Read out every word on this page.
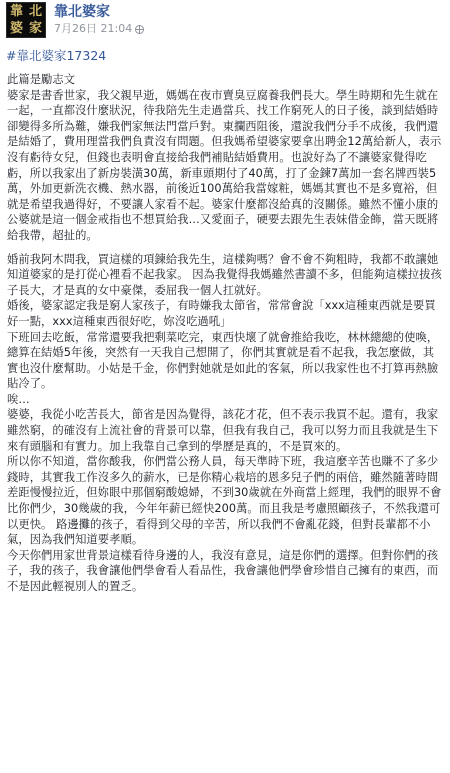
靠 北
婆 家
靠北婆家
7月26日 21:04
#靠北婆家17324

此篇是勵志文

婆家是書香世家，我父親早逝，媽媽在夜市賣臭豆腐養我們長大。學生時期和先生就在一起，一直都沒什麼狀況，待我陪先生走過當兵、找工作窮死人的日子後，談到結婚時卻變得多所為難，嫌我們家無法門當戶對。東攔西阻後，還說我們分手不成後，我們還是結婚了，費用理當我們負責沒有問題。但我媽希望婆家要拿出聘金12萬給新人，表示沒有虧待女兒，但錢也表明會直接給我們補貼結婚費用。也說好為了不讓婆家覺得吃虧，所以我家出了新房裝潢30萬，新車頭期付了40萬，打了金鍊7萬加一套名牌西裝5萬，外加更新洗衣機、熱水器，前後近100萬給我當嫁粧，媽媽其實也不是多寬裕，但就是希望我過得好，不要讓人家看不起。婆家什麼都沒給真的沒關係。雖然不懂小康的公婆就是這一個金戒指也不想買給我…又愛面子，硬要去跟先生表妹借金飾，當天既將給我帶，超扯的。

婚前我阿木問我，買這樣的項鍊給我先生，這樣夠嗎？會不會不夠粗時，我都不敢讓她知道婆家的是打從心裡看不起我家。 因為我覺得我媽雖然書讀不多，但能夠這樣拉拔孩子長大，才是真的女中豪傑，委屈我一個人扛就好。

婚後，婆家認定我是窮人家孩子，有時嫌我太節省，常常會說「xxx這種東西就是要買好一點，xxx這種東西很好吃，妳沒吃過吼」

下班回去吃飯，常常還要我把剩菜吃完，東西快壞了就會推給我吃，林林總總的使喚，總算在結婚5年後，突然有一天我自己想開了，你們其實就是看不起我，我怎麼做，其實也沒什麼幫助。小姑是千金，你們對她就是如此的客氣，所以我家性也不打算再熱臉貼冷了。

唉…

婆婆，我從小吃苦長大，節省是因為覺得，該花才花，但不表示我買不起。還有，我家雖然窮，的確沒有上流社會的背景可以靠，但我有我自己，我可以努力而且我就是生下來有頭腦和有實力。加上我靠自己拿到的學歷是真的，不是買來的。

所以你不知道，當你酸我，你們當公務人員，每天準時下班，我這麼辛苦也賺不了多少錢時，其實我工作沒多久的薪水，已是你精心栽培的恩多兒子們的兩倍，雖然隨著時間差距慢慢拉近，但妳眼中那個窮酸媳婦，不到30歲就在外商當上經理，我們的眼界不會比你們少，30幾歲的我，今年年薪已經快200萬。而且我是考慮照顧孩子，不然我還可以更快。 路邊攤的孩子，看得到父母的辛苦，所以我們不會亂花錢，但對長輩都不小氣，因為我們知道要孝順。

今天你們用家世背景這樣看待身邊的人，我沒有意見，這是你們的選擇。但對你們的孩子，我的孩子，我會讓他們學會看人看品性，我會讓他們學會珍惜自己擁有的東西，而不是因此輕視別人的置乏。
